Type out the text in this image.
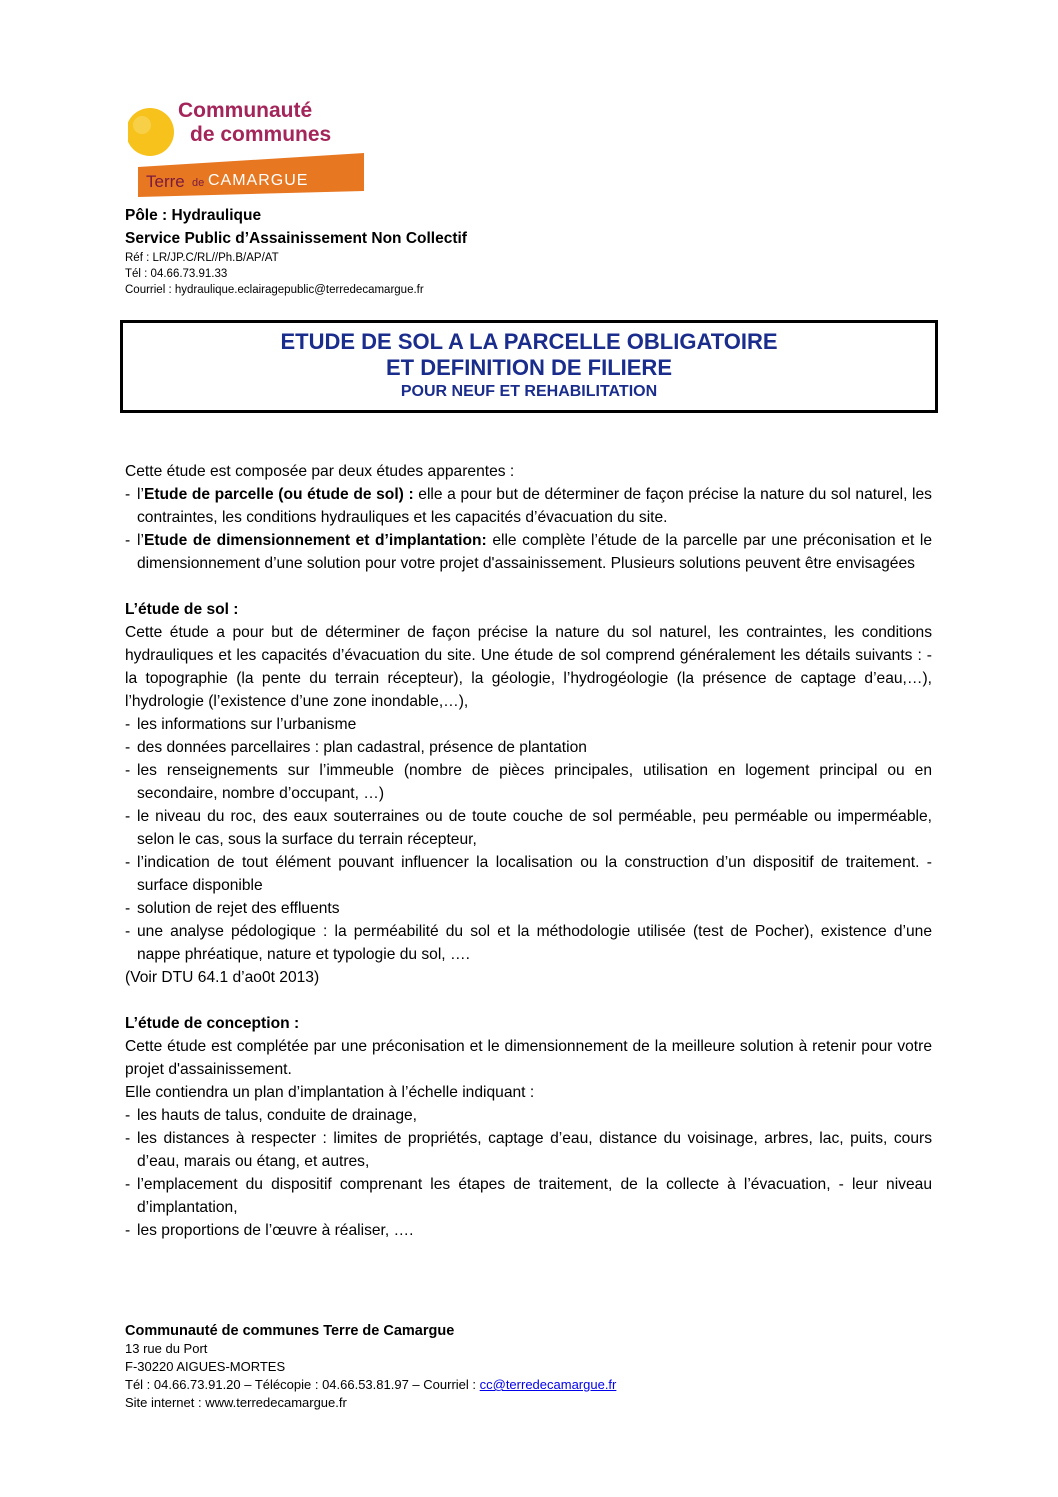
Communauté
de communes
Terre de CAMARGUE
Pôle : Hydraulique
Service Public d’Assainissement Non Collectif
Réf : LR/JP.C/RL//Ph.B/AP/AT
Tél : 04.66.73.91.33
Courriel : hydraulique.eclairagepublic@terredecamargue.fr
ETUDE DE SOL A LA PARCELLE OBLIGATOIRE
ET DEFINITION DE FILIERE
POUR NEUF ET REHABILITATION

Cette étude est composée par deux études apparentes :

- l’Etude de parcelle (ou étude de sol) : elle a pour but de déterminer de façon précise la nature du sol naturel, les contraintes, les conditions hydrauliques et les capacités d’évacuation du site.
- l’Etude de dimensionnement et d’implantation: elle complète l’étude de la parcelle par une préconisation et le dimensionnement d’une solution pour votre projet d'assainissement. Plusieurs solutions peuvent être envisagées

L’étude de sol :

Cette étude a pour but de déterminer de façon précise la nature du sol naturel, les contraintes, les conditions hydrauliques et les capacités d’évacuation du site. Une étude de sol comprend généralement les détails suivants : - la topographie (la pente du terrain récepteur), la géologie, l’hydrogéologie (la présence de captage d’eau,…), l’hydrologie (l’existence d’une zone inondable,…),

- les informations sur l’urbanisme
- des données parcellaires : plan cadastral, présence de plantation
- les renseignements sur l’immeuble (nombre de pièces principales, utilisation en logement principal ou en secondaire, nombre d’occupant, …)
- le niveau du roc, des eaux souterraines ou de toute couche de sol perméable, peu perméable ou imperméable, selon le cas, sous la surface du terrain récepteur,
- l’indication de tout élément pouvant influencer la localisation ou la construction d’un dispositif de traitement. - surface disponible
- solution de rejet des effluents
- une analyse pédologique : la perméabilité du sol et la méthodologie utilisée (test de Pocher), existence d’une nappe phréatique, nature et typologie du sol, ….

(Voir DTU 64.1 d’ao0t 2013)

L’étude de conception :

Cette étude est complétée par une préconisation et le dimensionnement de la meilleure solution à retenir pour votre projet d'assainissement.

Elle contiendra un plan d’implantation à l’échelle indiquant :

- les hauts de talus, conduite de drainage,
- les distances à respecter : limites de propriétés, captage d’eau, distance du voisinage, arbres, lac, puits, cours d’eau, marais ou étang, et autres,
- l’emplacement du dispositif comprenant les étapes de traitement, de la collecte à l’évacuation, - leur niveau d’implantation,
- les proportions de l’œuvre à réaliser, ….
Communauté de communes Terre de Camargue
13 rue du Port
F-30220 AIGUES-MORTES
Tél : 04.66.73.91.20 – Télécopie : 04.66.53.81.97 – Courriel : cc@terredecamargue.fr
Site internet : www.terredecamargue.fr
